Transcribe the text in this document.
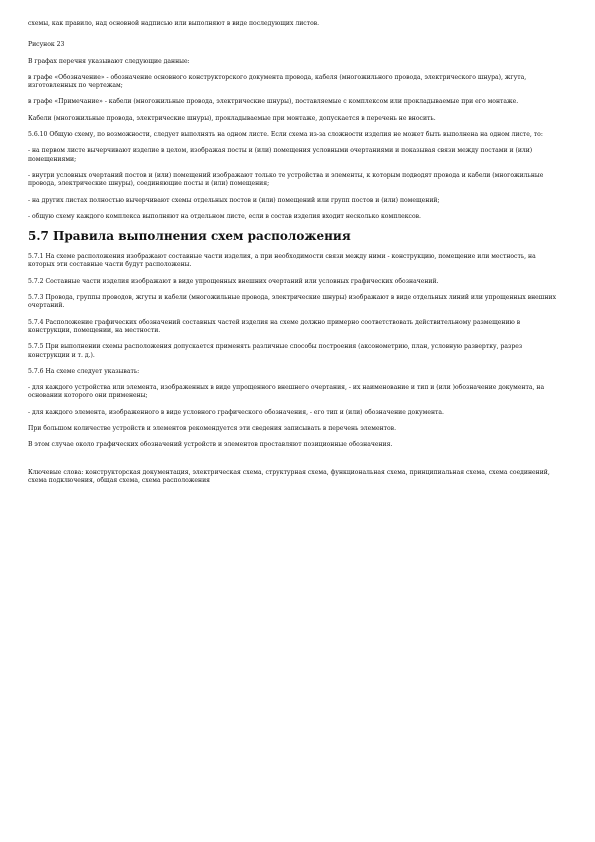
схемы, как правило, над основной надписью или выполняют в виде последующих листов.

Рисунок 23

В графах перечня указывают следующие данные:

в графе «Обозначение» - обозначение основного конструкторского документа провода, кабеля (многожильного провода, электрического шнура), жгута, изготовленных по чертежам;

в графе «Примечание» - кабели (многожильные провода, электрические шнуры), поставляемые с комплексом или прокладываемые при его монтаже.

Кабели (многожильные провода, электрические шнуры), прокладываемые при монтаже, допускается в перечень не вносить.

5.6.10 Общую схему, по возможности, следует выполнять на одном листе. Если схема из-за сложности изделия не может быть выполнена на одном листе, то:

- на первом листе вычерчивают изделие в целом, изображая посты и (или) помещения условными очертаниями и показывая связи между постами и (или) помещениями;

- внутри условных очертаний постов и (или) помещений изображают только те устройства и элементы, к которым подводят провода и кабели (многожильные провода, электрические шнуры), соединяющие посты и (или) помещения;

- на других листах полностью вычерчивают схемы отдельных постов и (или) помещений или групп постов и (или) помещений;

- общую схему каждого комплекса выполняют на отдельном листе, если в состав изделия входит несколько комплексов.

5.7 Правила выполнения схем расположения

5.7.1 На схеме расположения изображают составные части изделия, а при необходимости связи между ними - конструкцию, помещение или местность, на которых эти составные части будут расположены.

5.7.2 Составные части изделия изображают в виде упрощенных внешних очертаний или условных графических обозначений.

5.7.3 Провода, группы проводов, жгуты и кабели (многожильные провода, электрические шнуры) изображают в виде отдельных линий или упрощенных внешних очертаний.

5.7.4 Расположение графических обозначений составных частей изделия на схеме должно примерно соответствовать действительному размещению в конструкции, помещении, на местности.

5.7.5 При выполнении схемы расположения допускается применять различные способы построения (аксонометрию, план, условную развертку, разрез конструкции и т. д.).

5.7.6 На схеме следует указывать:

- для каждого устройства или элемента, изображенных в виде упрощенного внешнего очертания, - их наименование и тип и (или )обозначение документа, на основании которого они применены;

- для каждого элемента, изображенного в виде условного графического обозначения, - его тип и (или) обозначение документа.

При большом количестве устройств и элементов рекомендуется эти сведения записывать в перечень элементов.

В этом случае около графических обозначений устройств и элементов проставляют позиционные обозначения.

Ключевые слова: конструкторская документация, электрическая схема, структурная схема, функциональная схема, принципиальная схема, схема соединений, схема подключения, общая схема, схема расположения
